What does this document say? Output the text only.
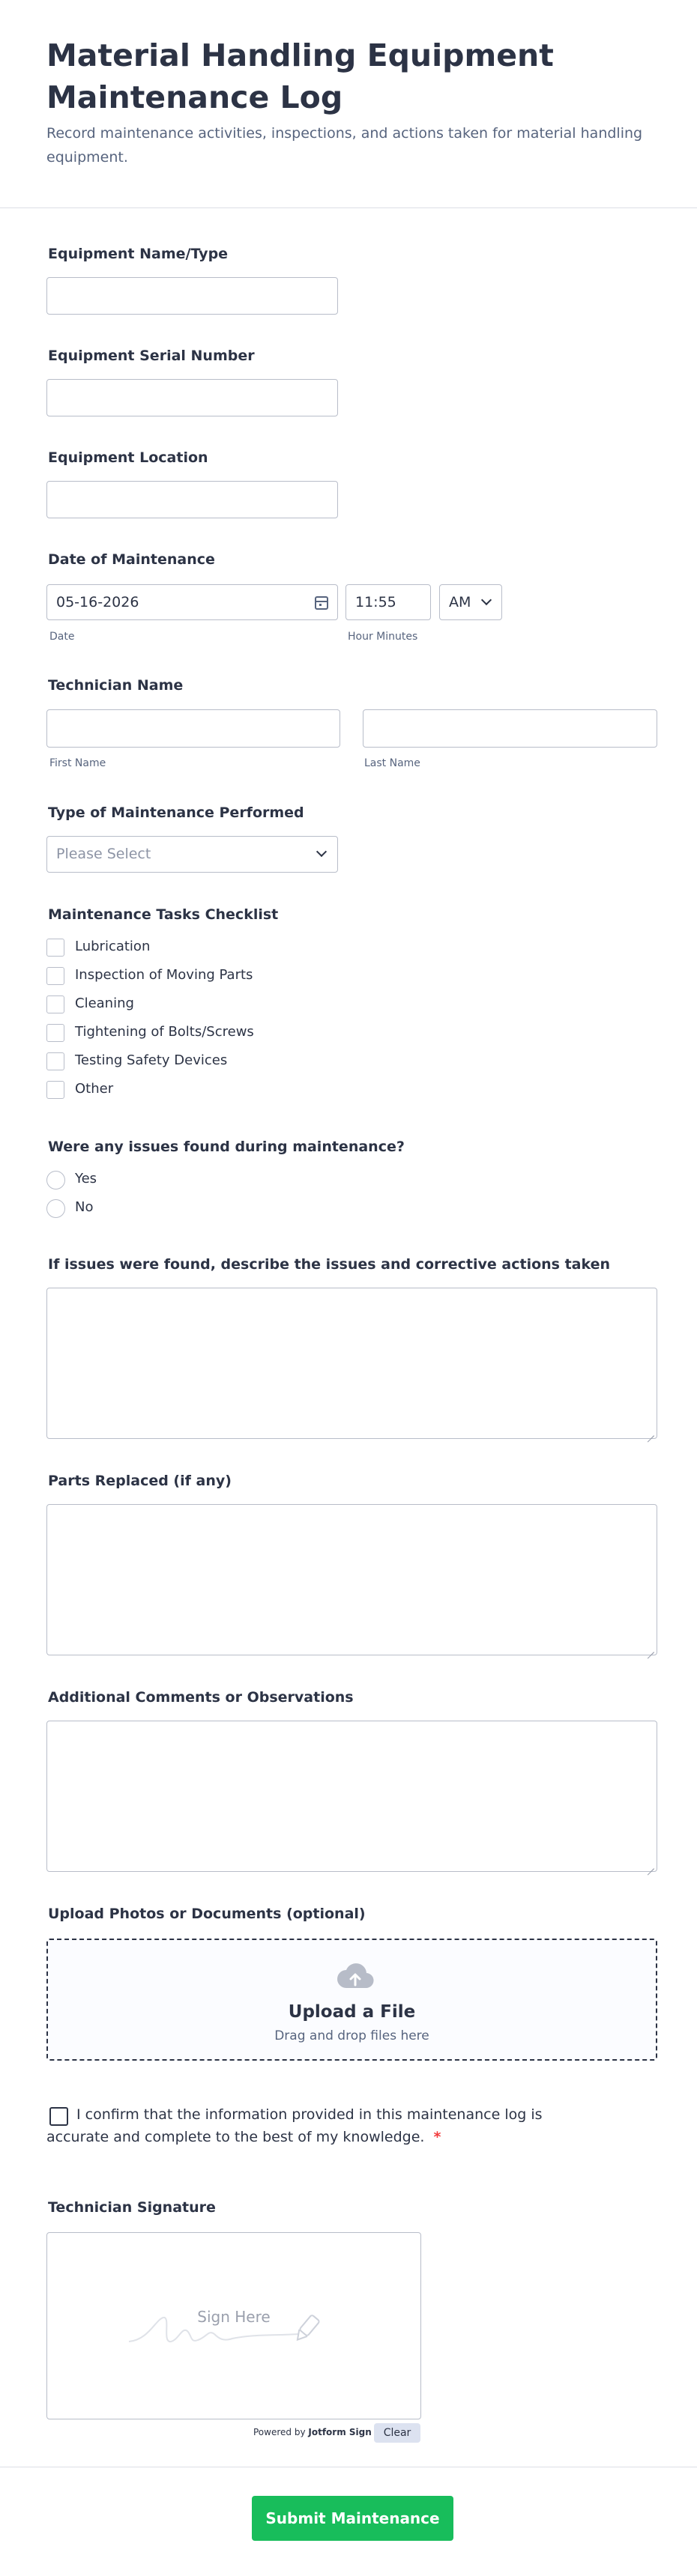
Material Handling Equipment Maintenance Log
Record maintenance activities, inspections, and actions taken for material handling equipment.
Equipment Name/Type
Equipment Serial Number
Equipment Location
Date of Maintenance
05-16-2026
Date
11:55
Hour Minutes
AM
Technician Name
First Name	Last Name
Type of Maintenance Performed
Please Select
Maintenance Tasks Checklist
Lubrication
Inspection of Moving Parts
Cleaning
Tightening of Bolts/Screws
Testing Safety Devices
Other
Were any issues found during maintenance?
Yes
No
If issues were found, describe the issues and corrective actions taken
Parts Replaced (if any)
Additional Comments or Observations
Upload Photos or Documents (optional)
Upload a File
Drag and drop files here
I confirm that the information provided in this maintenance log is accurate and complete to the best of my knowledge. *
Technician Signature
Sign Here
Powered by Jotform Sign	Clear
Submit Maintenance Log
